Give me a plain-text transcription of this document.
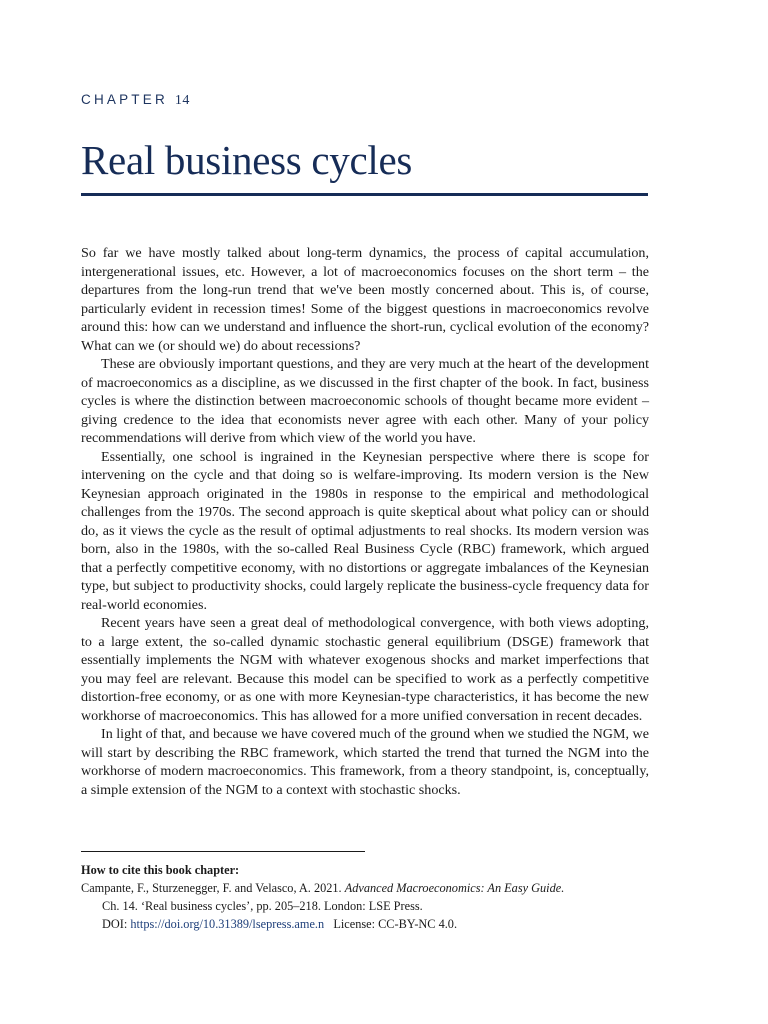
CHAPTER 14
Real business cycles

So far we have mostly talked about long-term dynamics, the process of capital accumulation, intergenerational issues, etc. However, a lot of macroeconomics focuses on the short term – the departures from the long-run trend that we've been mostly concerned about. This is, of course, particularly evident in recession times! Some of the biggest questions in macroeconomics revolve around this: how can we understand and influence the short-run, cyclical evolution of the economy? What can we (or should we) do about recessions?

These are obviously important questions, and they are very much at the heart of the development of macroeconomics as a discipline, as we discussed in the first chapter of the book. In fact, business cycles is where the distinction between macroeconomic schools of thought became more evident – giving credence to the idea that economists never agree with each other. Many of your policy recommendations will derive from which view of the world you have.

Essentially, one school is ingrained in the Keynesian perspective where there is scope for intervening on the cycle and that doing so is welfare-improving. Its modern version is the New Keynesian approach originated in the 1980s in response to the empirical and methodological challenges from the 1970s. The second approach is quite skeptical about what policy can or should do, as it views the cycle as the result of optimal adjustments to real shocks. Its modern version was born, also in the 1980s, with the so-called Real Business Cycle (RBC) framework, which argued that a perfectly competitive economy, with no distortions or aggregate imbalances of the Keynesian type, but subject to productivity shocks, could largely replicate the business-cycle frequency data for real-world economies.

Recent years have seen a great deal of methodological convergence, with both views adopting, to a large extent, the so-called dynamic stochastic general equilibrium (DSGE) framework that essentially implements the NGM with whatever exogenous shocks and market imperfections that you may feel are relevant. Because this model can be specified to work as a perfectly competitive distortion-free economy, or as one with more Keynesian-type characteristics, it has become the new workhorse of macroeconomics. This has allowed for a more unified conversation in recent decades.

In light of that, and because we have covered much of the ground when we studied the NGM, we will start by describing the RBC framework, which started the trend that turned the NGM into the workhorse of modern macroeconomics. This framework, from a theory standpoint, is, conceptually, a simple extension of the NGM to a context with stochastic shocks.

How to cite this book chapter:
Campante, F., Sturzenegger, F. and Velasco, A. 2021. Advanced Macroeconomics: An Easy Guide.
Ch. 14. ‘Real business cycles’, pp. 205–218. London: LSE Press.
DOI: https://doi.org/10.31389/lsepress.ame.n License: CC-BY-NC 4.0.
